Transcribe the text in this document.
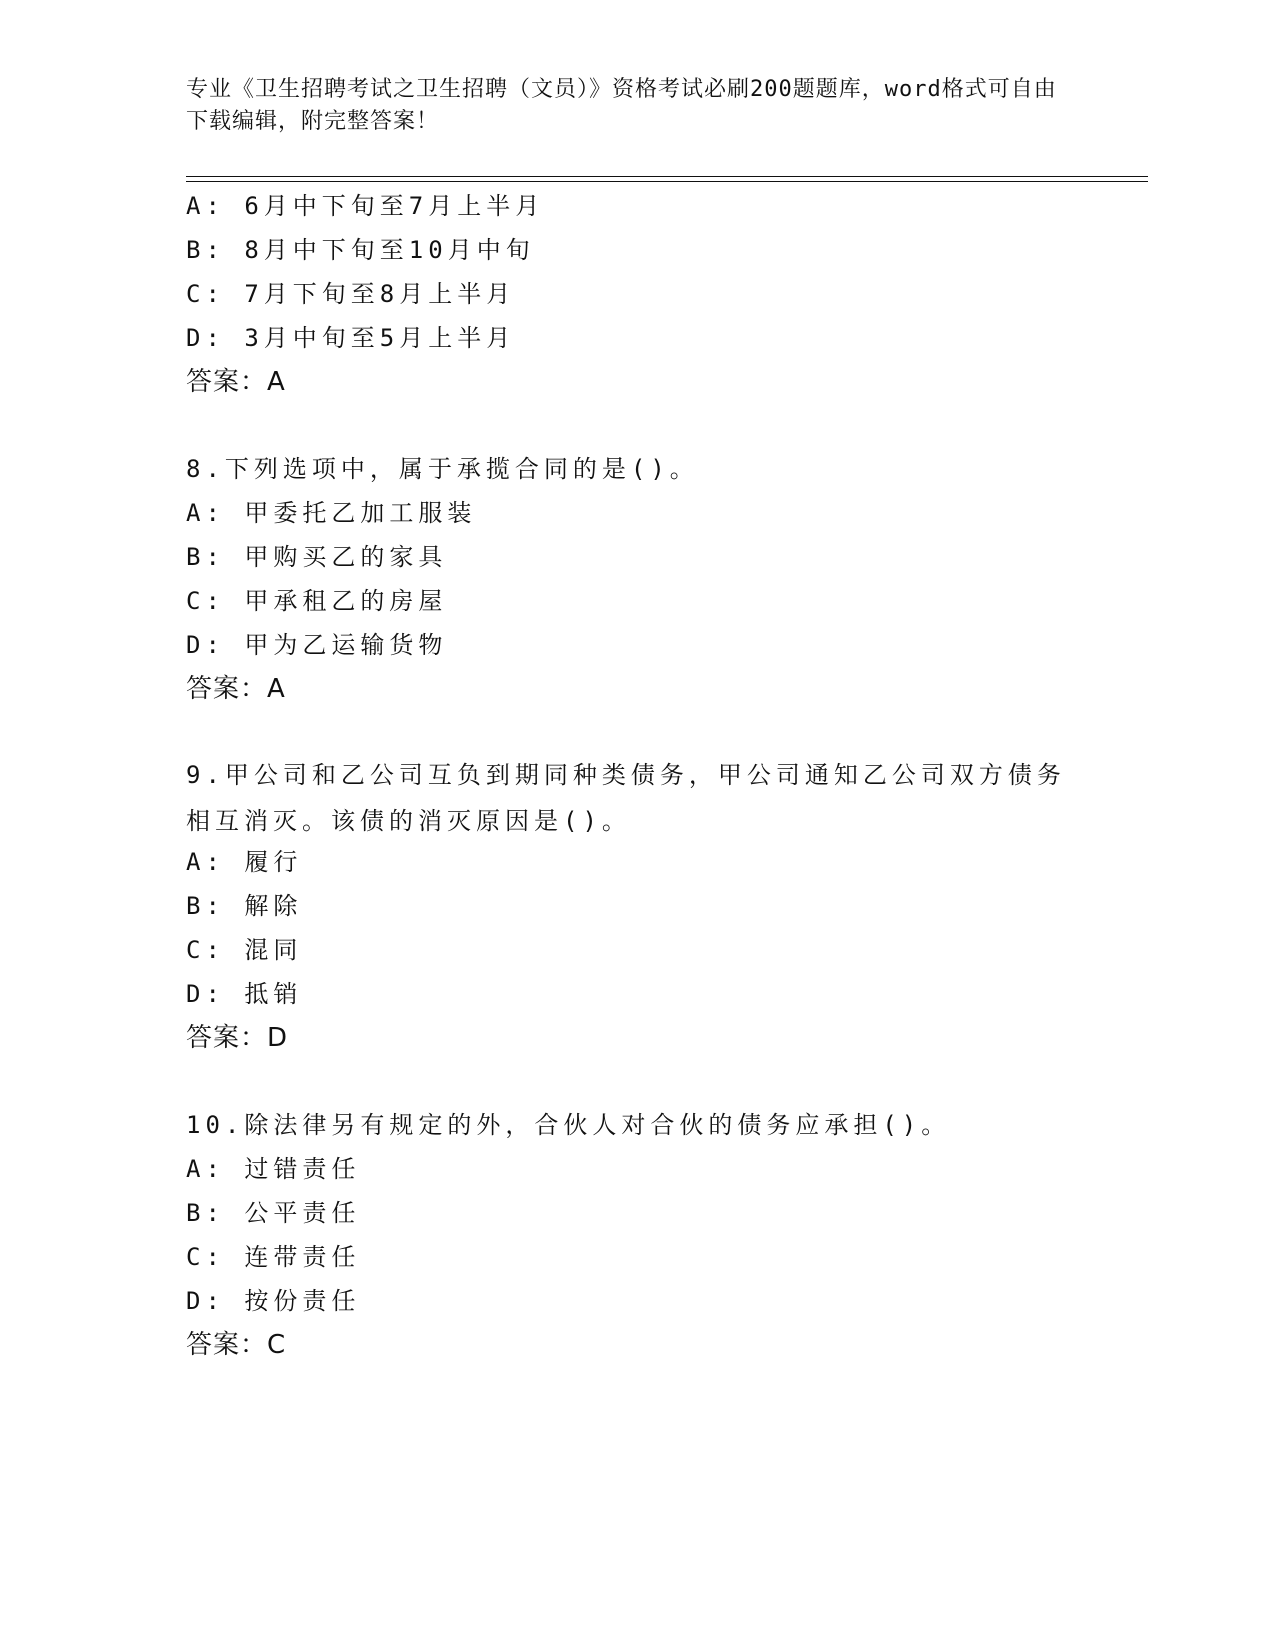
专业《卫生招聘考试之卫生招聘（文员）》资格考试必刷200题题库，word格式可自由下载编辑，附完整答案！
A: 6月中下旬至7月上半月
B: 8月中下旬至10月中旬
C: 7月下旬至8月上半月
D: 3月中旬至5月上半月
答案：A
8.下列选项中，属于承揽合同的是()。
A: 甲委托乙加工服装
B: 甲购买乙的家具
C: 甲承租乙的房屋
D: 甲为乙运输货物
答案：A
9.甲公司和乙公司互负到期同种类债务，甲公司通知乙公司双方债务相互消灭。该债的消灭原因是()。
A: 履行
B: 解除
C: 混同
D: 抵销
答案：D
10.除法律另有规定的外，合伙人对合伙的债务应承担()。
A: 过错责任
B: 公平责任
C: 连带责任
D: 按份责任
答案：C
